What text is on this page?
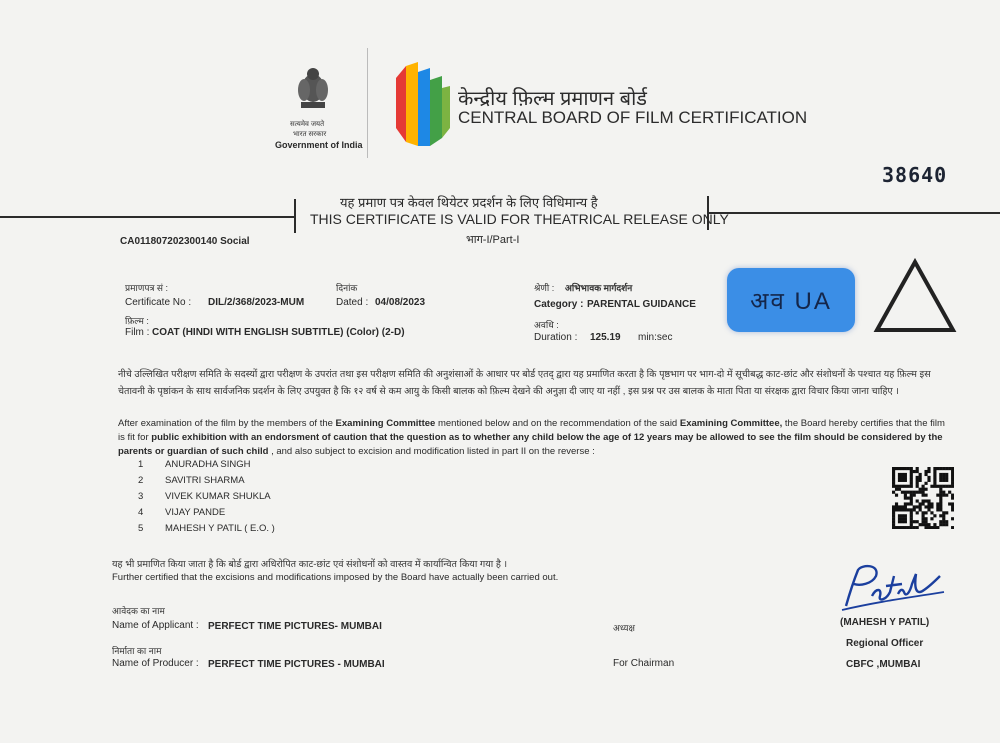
सत्यमेव जयते
भारत सरकार
Government of India
केन्द्रीय फ़िल्म प्रमाणन बोर्ड
CENTRAL BOARD OF FILM CERTIFICATION
38640
यह प्रमाण पत्र केवल थियेटर प्रदर्शन के लिए विधिमान्य है
THIS CERTIFICATE IS VALID FOR THEATRICAL RELEASE ONLY
भाग-I/Part-I
CA011807202300140 Social
प्रमाणपत्र सं :
Certificate No : DIL/2/368/2023-MUM
दिनांक
Dated : 04/08/2023
श्रेणी : अभिभावक मार्गदर्शन
Category : PARENTAL GUIDANCE
फ़िल्म :
Film : COAT (HINDI WITH ENGLISH SUBTITLE) (Color) (2-D)
अवधि :
Duration : 125.19 min:sec
अव UA
नीचे उल्लिखित परीक्षण समिति के सदस्यों द्वारा परीक्षण के उपरांत तथा इस परीक्षण समिति की अनुशंसाओं के आधार पर बोर्ड एतद् द्वारा यह प्रमाणित करता है कि पृष्ठभाग पर भाग-दो में सूचीबद्ध काट-छांट और संशोधनों के पश्चात यह फ़िल्म इस चेतावनी के पृष्ठांकन के साथ सार्वजनिक प्रदर्शन के लिए उपयुक्त है कि १२ वर्ष से कम आयु के किसी बालक को फ़िल्म देखने की अनुज्ञा दी जाए या नहीं , इस प्रश्न पर उस बालक के माता पिता या संरक्षक द्वारा विचार किया जाना चाहिए ।
After examination of the film by the members of the Examining Committee mentioned below and on the recommendation of the said Examining Committee, the Board hereby certifies that the film is fit for public exhibition with an endorsment of caution that the question as to whether any child below the age of 12 years may be allowed to see the film should be considered by the parents or guardian of such child , and also subject to excision and modification listed in part II on the reverse :
1 ANURADHA SINGH
2 SAVITRI SHARMA
3 VIVEK KUMAR SHUKLA
4 VIJAY PANDE
5 MAHESH Y PATIL ( E.O. )
यह भी प्रमाणित किया जाता है कि बोर्ड द्वारा अधिरोपित काट-छांट एवं संशोधनों को वास्तव में कार्यान्वित किया गया है ।
Further certified that the excisions and modifications imposed by the Board have actually been carried out.
आवेदक का नाम
Name of Applicant : PERFECT TIME PICTURES- MUMBAI
निर्माता का नाम
Name of Producer : PERFECT TIME PICTURES - MUMBAI
अध्यक्ष
For Chairman
(MAHESH Y PATIL)
Regional Officer
CBFC ,MUMBAI
